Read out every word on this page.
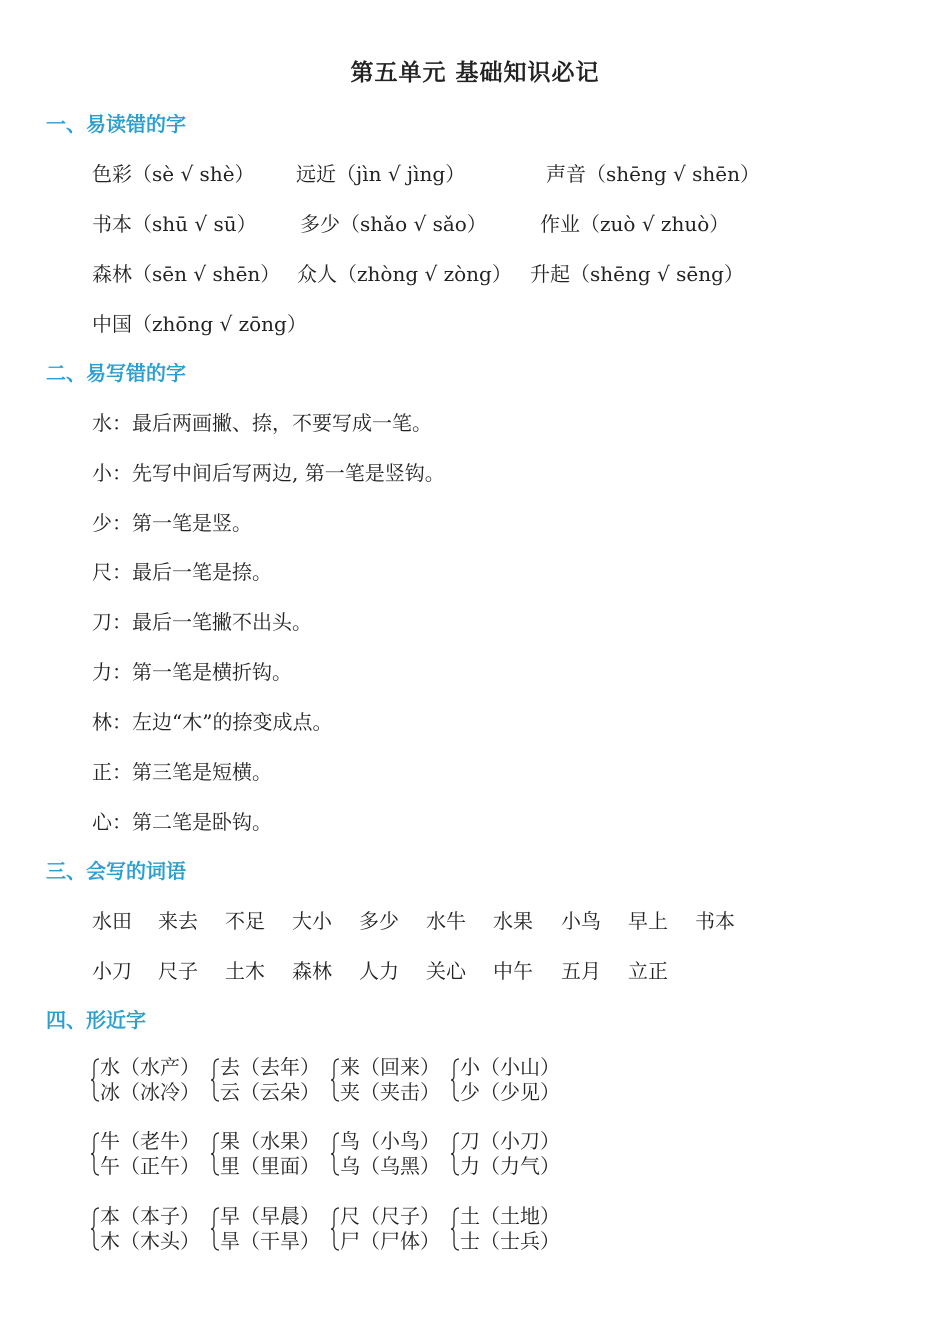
第五单元 基础知识必记
一、易读错的字
色彩（sè √ shè） 远近（jìn √ jìng）	声音（shēng √ shēn）
书本（shū √ sū） 多少（shǎo √ sǎo）	作业（zuò √ zhuò）
森林（sēn √ shēn） 众人（zhòng √ zòng） 升起（shēng √ sēng）
中国（zhōng √ zōng）
二、易写错的字
水：最后两画撇、捺，不要写成一笔。
小：先写中间后写两边, 第一笔是竖钩。
少：第一笔是竖。
尺：最后一笔是捺。
刀：最后一笔撇不出头。
力：第一笔是横折钩。
林：左边“木”的捺变成点。
正：第三笔是短横。
心：第二笔是卧钩。
三、会写的词语
水田 来去 不足 大小 多少 水牛 水果 小鸟 早上 书本
小刀 尺子 土木 森林 人力 关心 中午 五月 立正
四、形近字
水（水产）
冰（冰冷）
去（去年）
云（云朵）
来（回来）
夹（夹击）
小（小山）
少（少见）
牛（老牛）
午（正午）
果（水果）
里（里面）
鸟（小鸟）
乌（乌黑）
刀（小刀）
力（力气）
本（本子）
木（木头）
早（早晨）
旱（干旱）
尺（尺子）
尸（尸体）
土（土地）
士（士兵）
